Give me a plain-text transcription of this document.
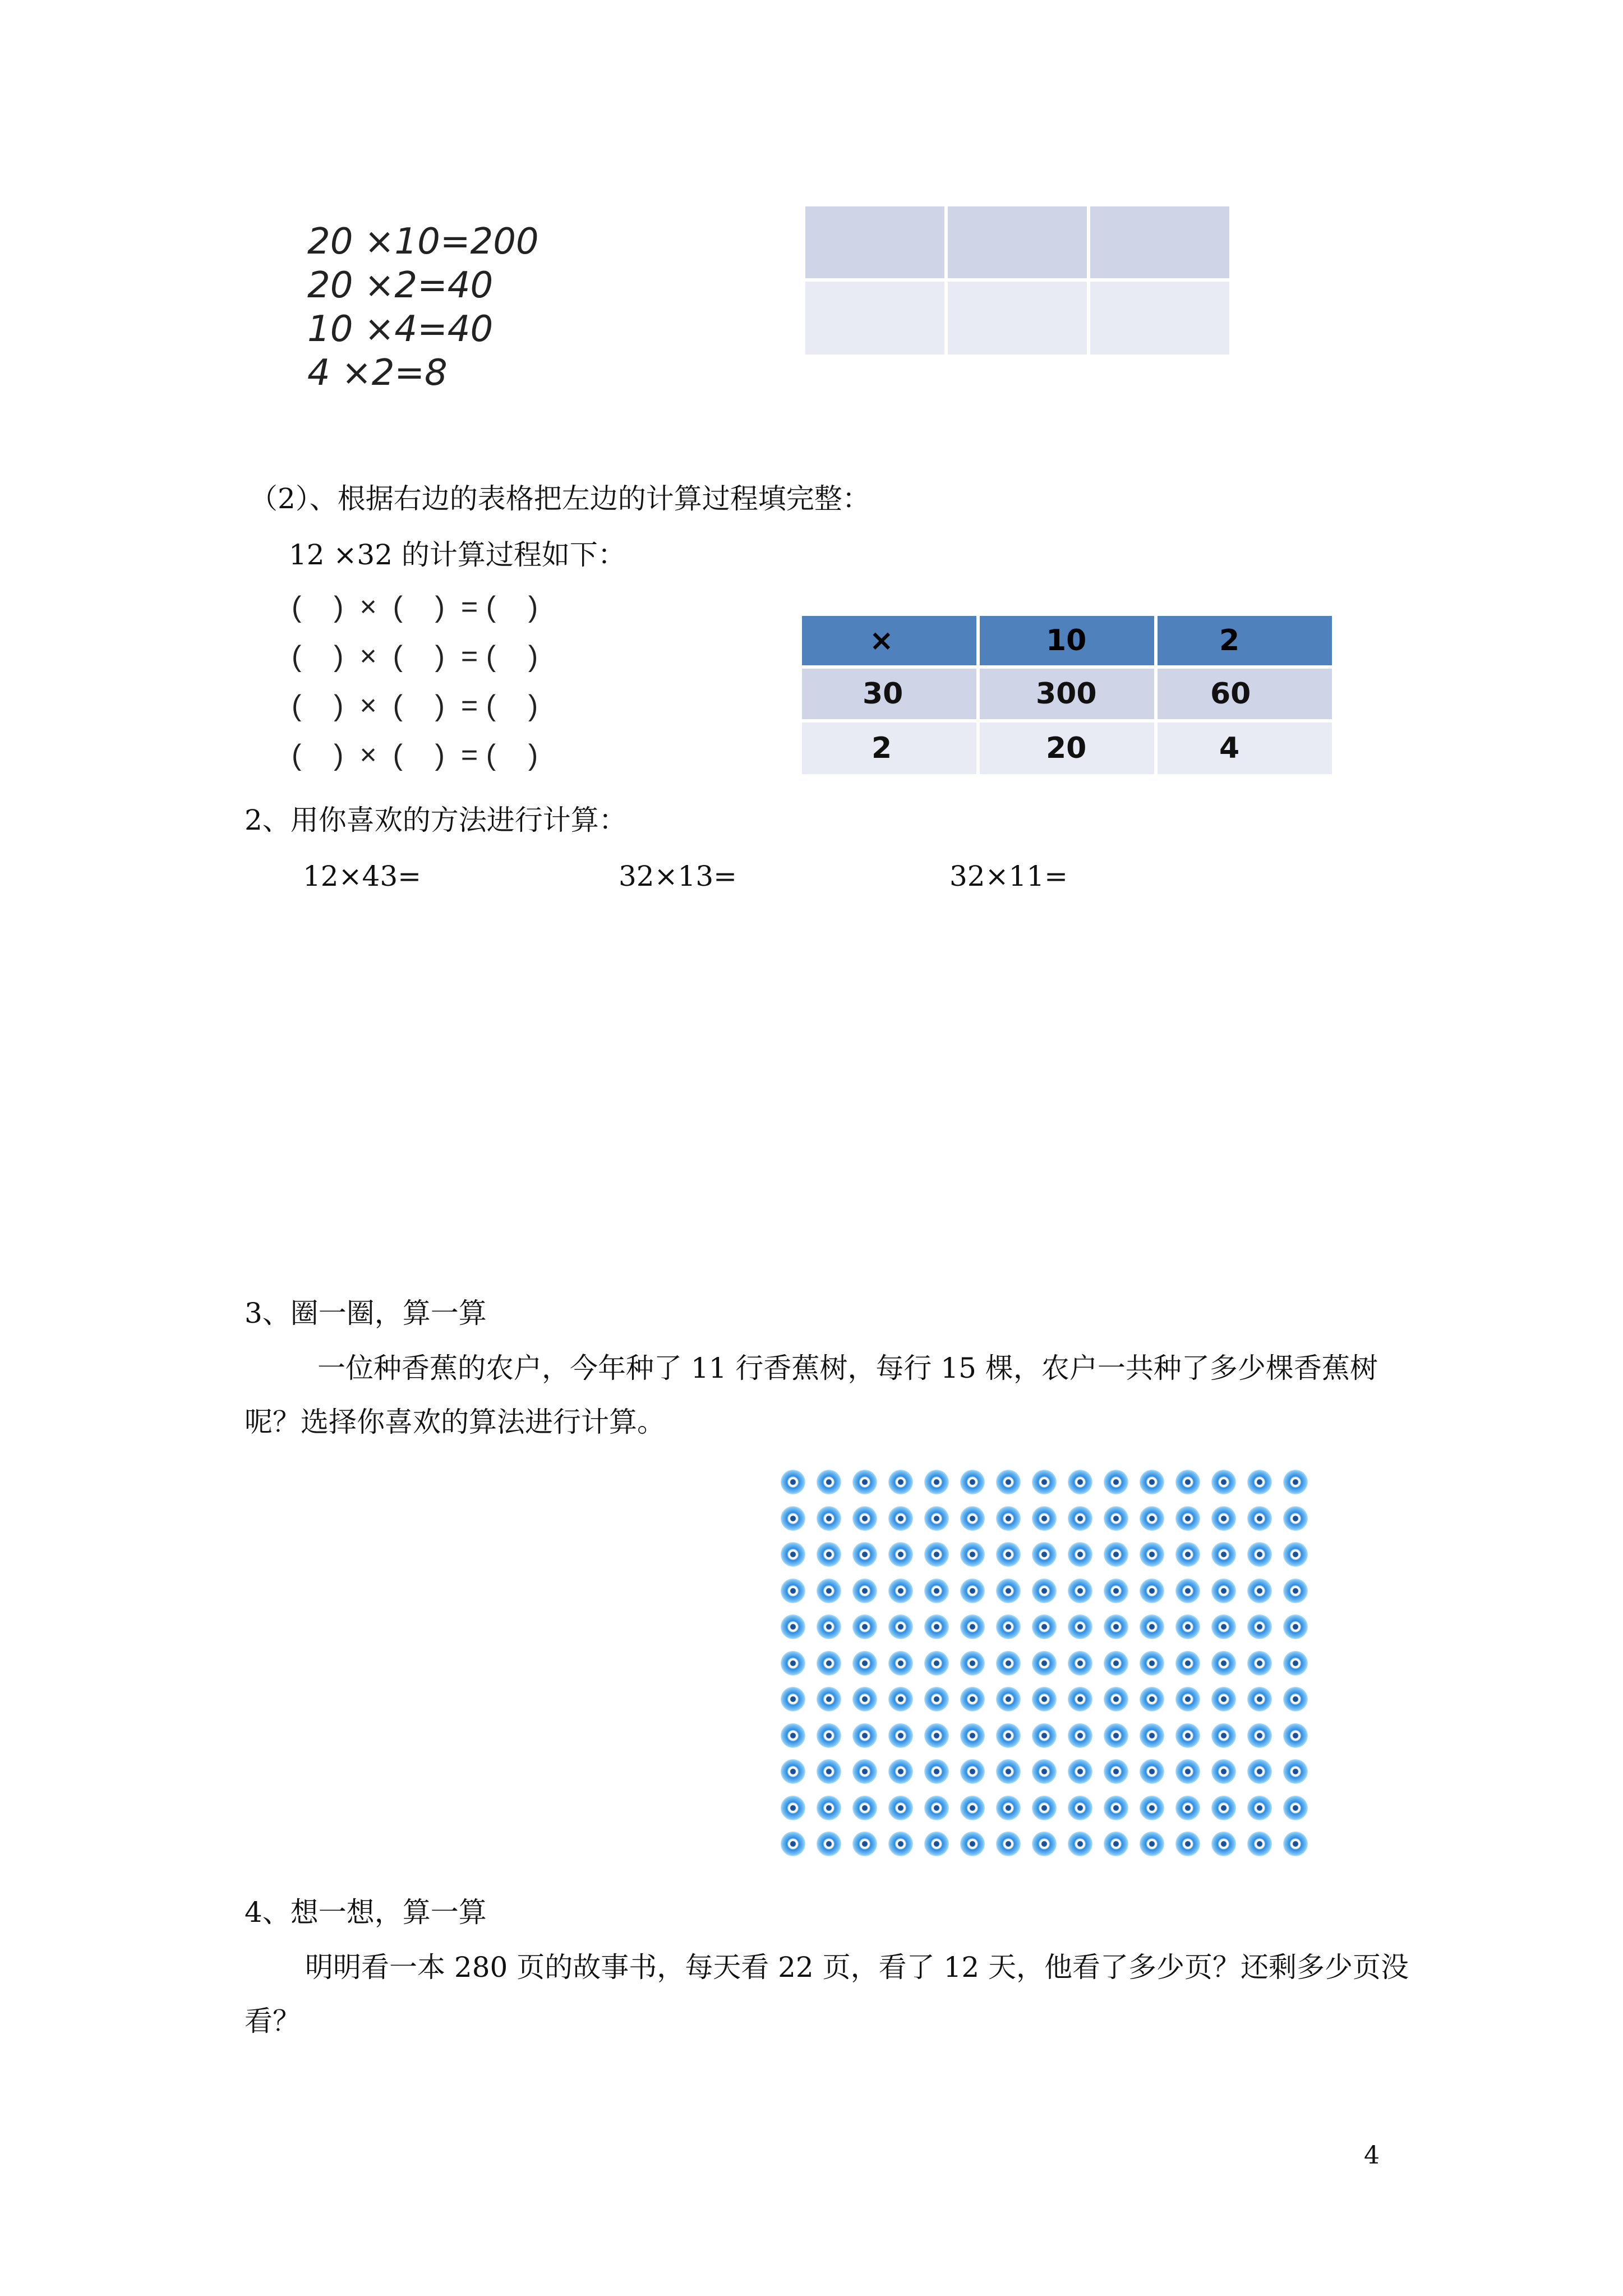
20 ×10=200
20 ×2=40
10 ×4=40
4 ×2=8

（2）、根据右边的表格把左边的计算过程填完整：
12 ×32 的计算过程如下：
(    )  ×  (    )  = (    )
(    )  ×  (    )  = (    )
(    )  ×  (    )  = (    )
(    )  ×  (    )  = (    )
×	10	2
30	300	60
2	20	4
2、用你喜欢的方法进行计算：
12×43=	32×13=	32×11=
3、圈一圈，算一算
一位种香蕉的农户，今年种了 11 行香蕉树，每行 15 棵，农户一共种了多少棵香蕉树
呢？选择你喜欢的算法进行计算。
4、想一想，算一算
明明看一本 280 页的故事书，每天看 22 页，看了 12 天，他看了多少页？还剩多少页没
看？
4
